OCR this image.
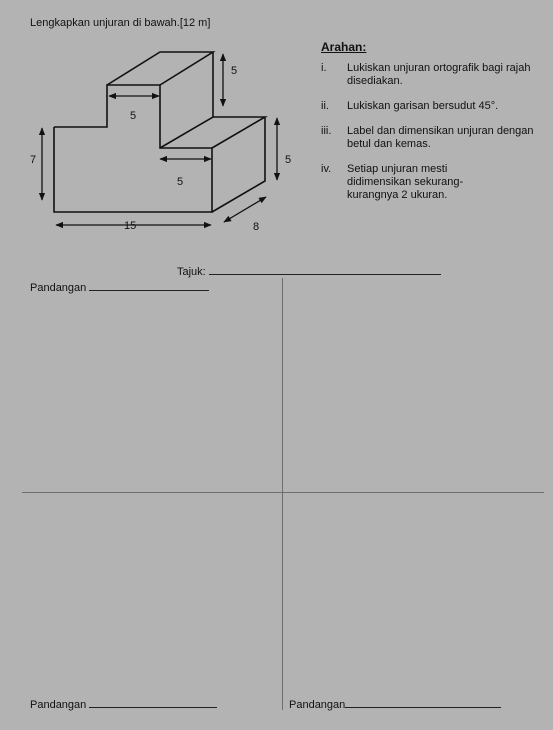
Lengkapkan unjuran di bawah.[12 m]
5
5
7
5
5
15	8
Arahan:
i.	Lukiskan unjuran ortografik bagi rajah disediakan.
ii.	Lukiskan garisan bersudut 45°.
iii.	Label dan dimensikan unjuran dengan betul dan kemas.
iv.	Setiap unjuran mesti didimensikan sekurang-kurangnya 2 ukuran.
Tajuk:
Pandangan
Pandangan	Pandangan
